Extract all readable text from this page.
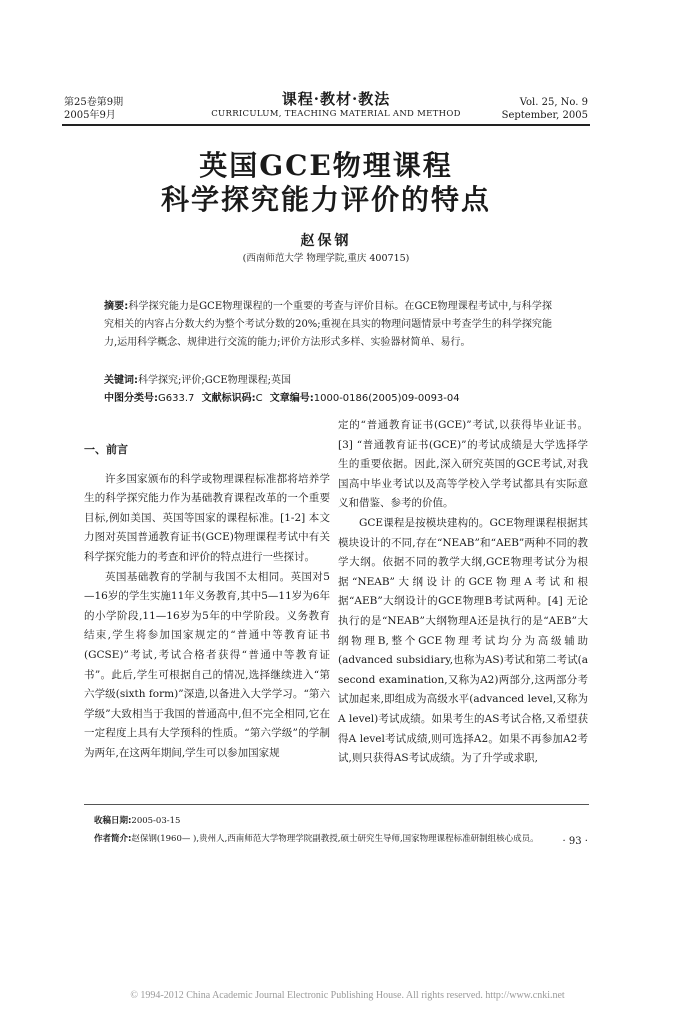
第25卷第9期
2005年9月
课程·教材·教法
CURRICULUM, TEACHING MATERIAL AND METHOD
Vol. 25, No. 9
September, 2005
英国GCE物理课程
科学探究能力评价的特点
赵保钢
(西南师范大学 物理学院,重庆 400715)
摘要:科学探究能力是GCE物理课程的一个重要的考查与评价目标。在GCE物理课程考试中,与科学探究相关的内容占分数大约为整个考试分数的20%;重视在具实的物理问题情景中考查学生的科学探究能力,运用科学概念、规律进行交流的能力;评价方法形式多样、实验器材简单、易行。
关键词:科学探究;评价;GCE物理课程;英国
中图分类号:G633.7 文献标识码:C 文章编号:1000-0186(2005)09-0093-04

一、前言

许多国家颁布的科学或物理课程标准都将培养学生的科学探究能力作为基础教育课程改革的一个重要目标,例如美国、英国等国家的课程标准。[1-2] 本文力图对英国普通教育证书(GCE)物理课程考试中有关科学探究能力的考查和评价的特点进行一些探讨。

英国基础教育的学制与我国不太相同。英国对5—16岁的学生实施11年义务教育,其中5—11岁为6年的小学阶段,11—16岁为5年的中学阶段。义务教育结束,学生将参加国家规定的“普通中等教育证书(GCSE)”考试,考试合格者获得“普通中等教育证书”。此后,学生可根据自己的情况,选择继续进入“第六学级(sixth form)”深造,以备进入大学学习。“第六学级”大致相当于我国的普通高中,但不完全相同,它在一定程度上具有大学预科的性质。“第六学级”的学制为两年,在这两年期间,学生可以参加国家规

定的“普通教育证书(GCE)”考试,以获得毕业证书。[3] “普通教育证书(GCE)”的考试成绩是大学选择学生的重要依据。因此,深入研究英国的GCE考试,对我国高中毕业考试以及高等学校入学考试都具有实际意义和借鉴、参考的价值。

GCE课程是按模块建构的。GCE物理课程根据其模块设计的不同,存在“NEAB”和“AEB”两种不同的教学大纲。依据不同的教学大纲,GCE物理考试分为根据“NEAB”大纲设计的GCE物理A考试和根据“AEB”大纲设计的GCE物理B考试两种。[4] 无论执行的是“NEAB”大纲物理A还是执行的是“AEB”大纲物理B,整个GCE物理考试均分为高级辅助(advanced subsidiary,也称为AS)考试和第二考试(a second examination,又称为A2)两部分,这两部分考试加起来,即组成为高级水平(advanced level,又称为A level)考试成绩。如果考生的AS考试合格,又希望获得A level考试成绩,则可选择A2。如果不再参加A2考试,则只获得AS考试成绩。为了升学或求职,

收稿日期:2005-03-15
作者简介:赵保钢(1960— ),贵州人,西南师范大学物理学院副教授,硕士研究生导师,国家物理课程标准研制组核心成员。	· 93 ·
© 1994-2012 China Academic Journal Electronic Publishing House. All rights reserved. http://www.cnki.net
